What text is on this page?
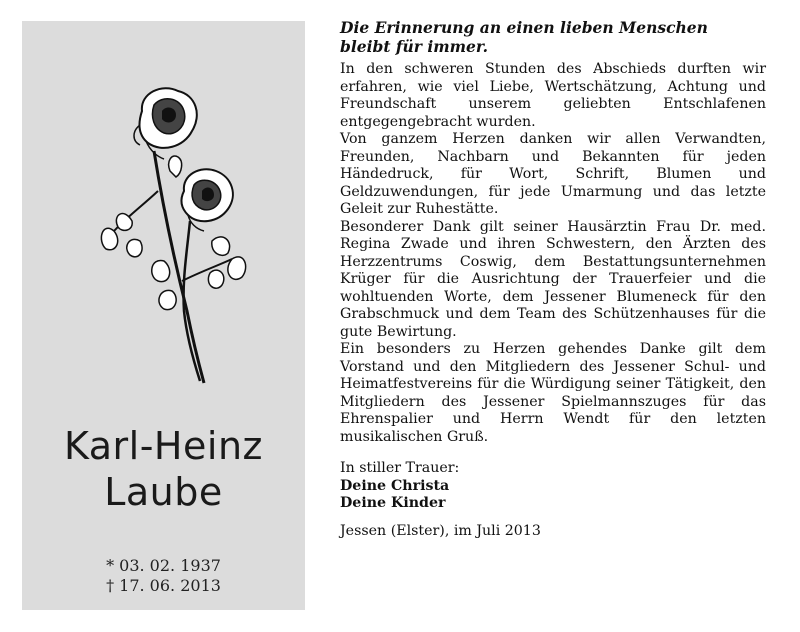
Karl-Heinz
Laube
* 03. 02. 1937
† 17. 06. 2013
Die Erinnerung an einen lieben Menschen
bleibt für immer.

In den schweren Stunden des Abschieds durften wir erfahren, wie viel Liebe, Wertschätzung, Achtung und Freundschaft unserem geliebten Entschlafenen entgegengebracht wurden.

Von ganzem Herzen danken wir allen Verwandten, Freunden, Nachbarn und Bekannten für jeden Händedruck, für Wort, Schrift, Blumen und Geldzuwendungen, für jede Umarmung und das letzte Geleit zur Ruhestätte.

Besonderer Dank gilt seiner Hausärztin Frau Dr. med. Regina Zwade und ihren Schwestern, den Ärzten des Herzzentrums Coswig, dem Bestattungsunternehmen Krüger für die Ausrichtung der Trauerfeier und die wohltuenden Worte, dem Jessener Blumeneck für den Grabschmuck und dem Team des Schützenhauses für die gute Bewirtung.

Ein besonders zu Herzen gehendes Danke gilt dem Vorstand und den Mitgliedern des Jessener Schul- und Heimatfestvereins für die Würdigung seiner Tätigkeit, den Mitgliedern des Jessener Spielmannszuges für das Ehrenspalier und Herrn Wendt für den letzten musikalischen Gruß.

In stiller Trauer:
Deine Christa
Deine Kinder
Jessen (Elster), im Juli 2013
